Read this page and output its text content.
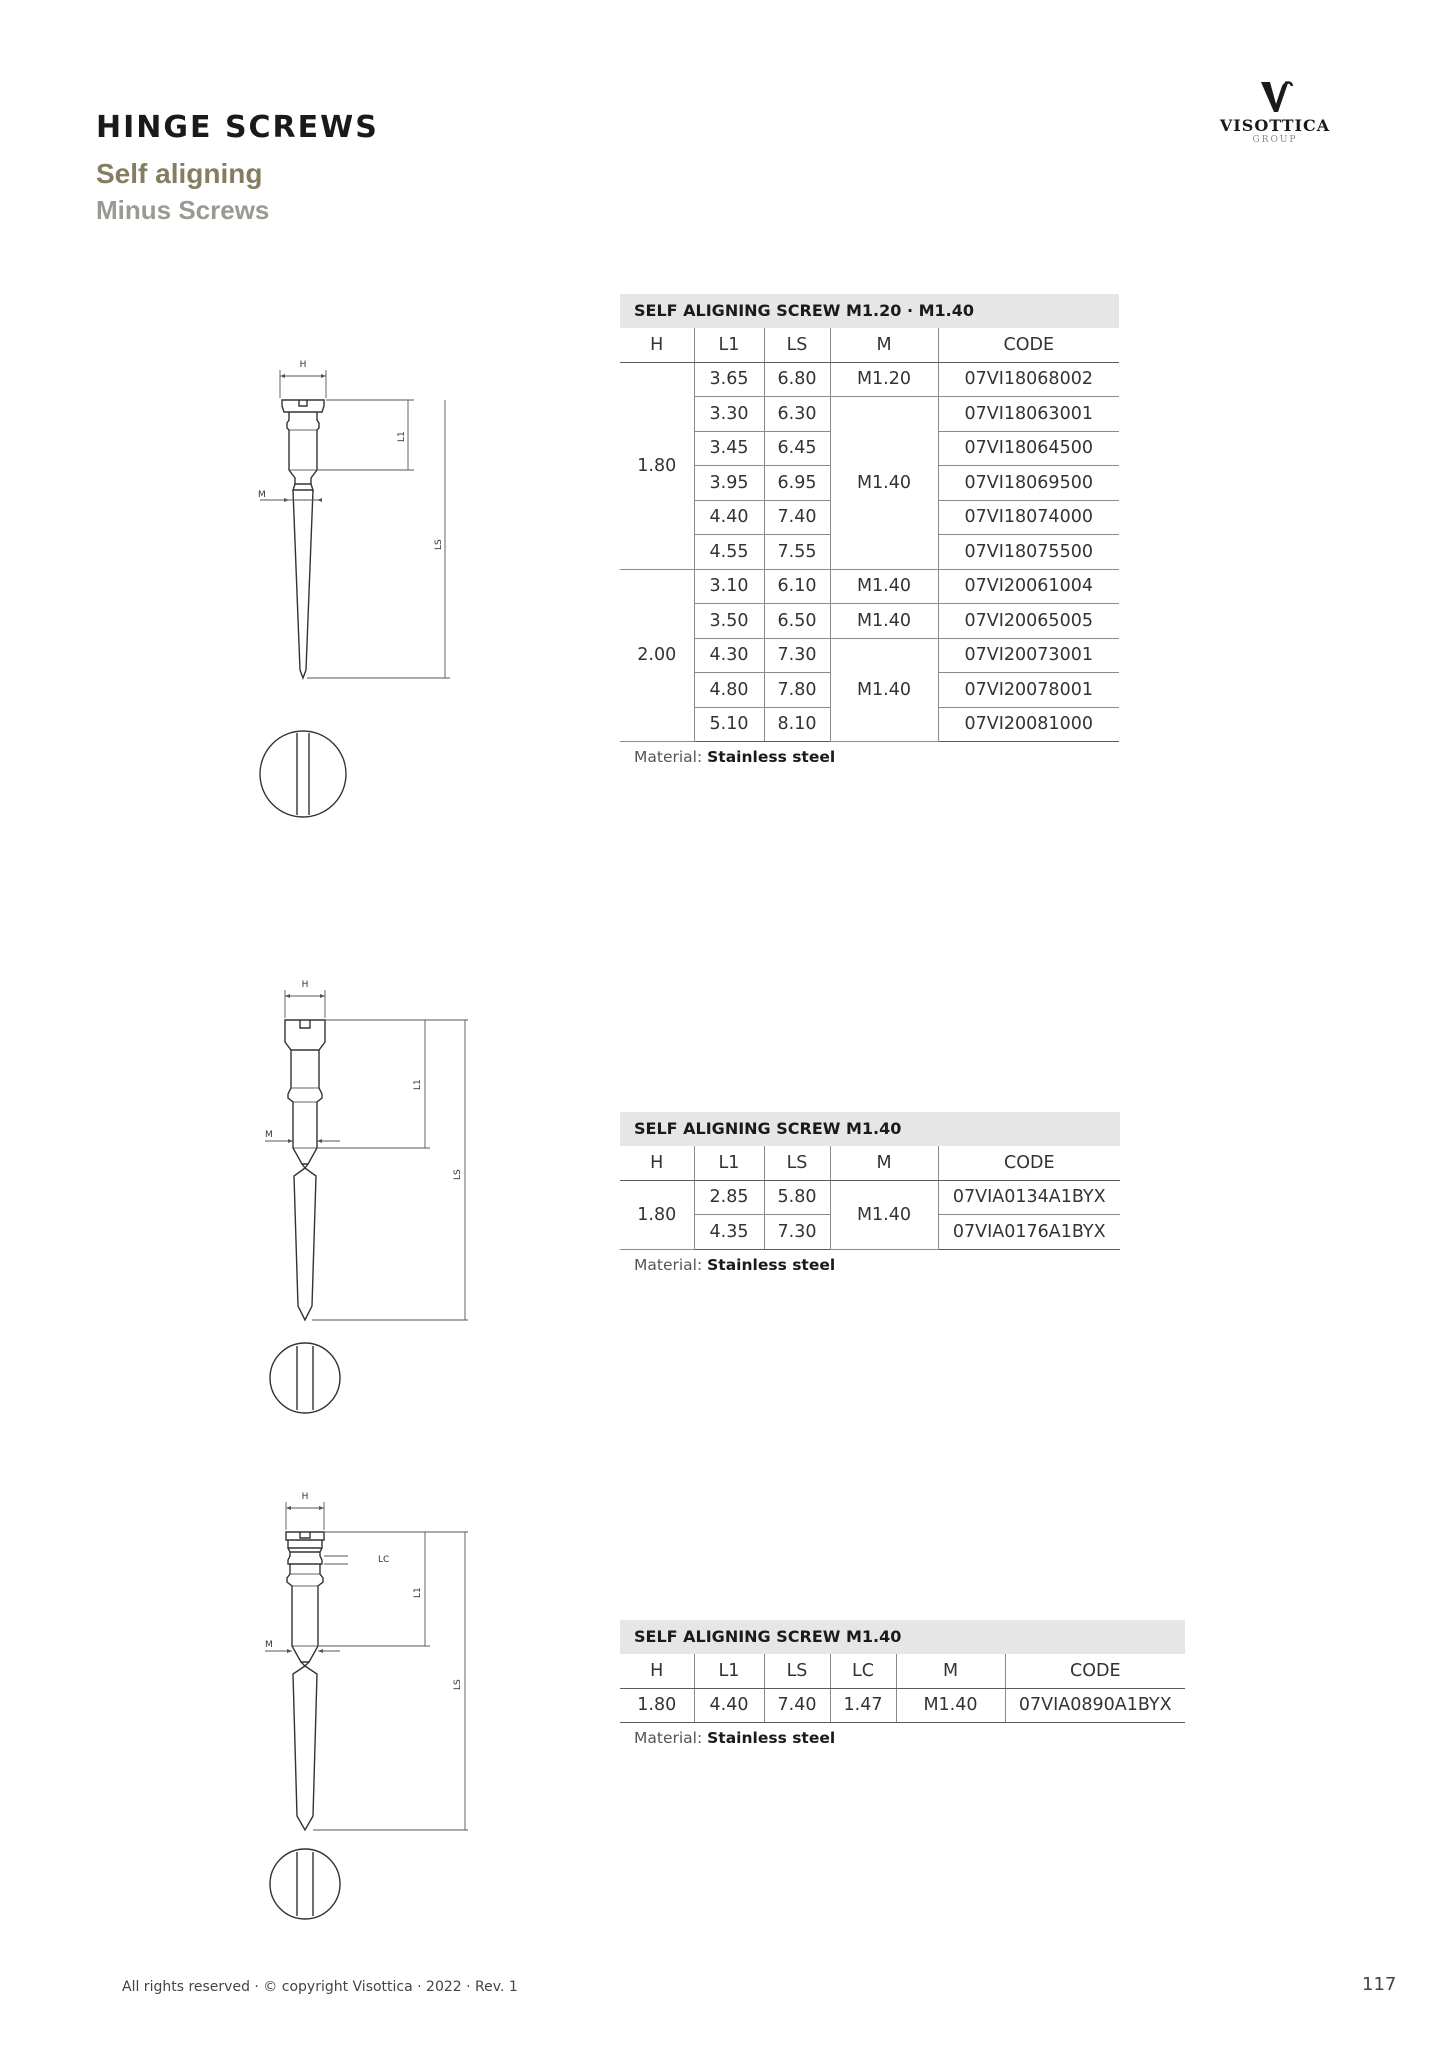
HINGE SCREWS
Self aligning
Minus Screws
VISOTTICA
GROUP
H
M
L1
LS
H
M
L1
LS
H
LC
M
L1
LS
SELF ALIGNING SCREW M1.20 · M1.40
H	L1	LS	M	CODE
1.80	3.65	6.80	M1.20	07VI18068002
	3.30	6.30	M1.40	07VI18063001
	3.45	6.45		07VI18064500
	3.95	6.95		07VI18069500
	4.40	7.40		07VI18074000
	4.55	7.55		07VI18075500
2.00	3.10	6.10	M1.40	07VI20061004
	3.50	6.50	M1.40	07VI20065005
	4.30	7.30	M1.40	07VI20073001
	4.80	7.80		07VI20078001
	5.10	8.10		07VI20081000
Material: Stainless steel
SELF ALIGNING SCREW M1.40
H	L1	LS	M	CODE
1.80	2.85	5.80	M1.40	07VIA0134A1BYX
	4.35	7.30		07VIA0176A1BYX
Material: Stainless steel
SELF ALIGNING SCREW M1.40
H	L1	LS	LC	M	CODE
1.80	4.40	7.40	1.47	M1.40	07VIA0890A1BYX
Material: Stainless steel
All rights reserved · © copyright Visottica · 2022 · Rev. 1	117
